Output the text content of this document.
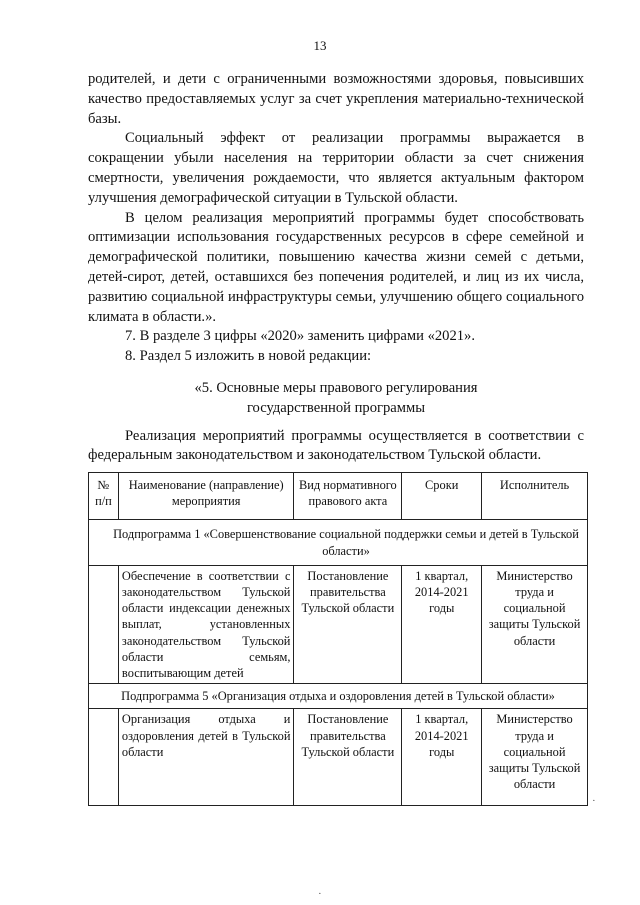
13

родителей, и дети с ограниченными возможностями здоровья, повысивших качество предоставляемых услуг за счет укрепления материально-технической базы.

Социальный эффект от реализации программы выражается в сокращении убыли населения на территории области за счет снижения смертности, увеличения рождаемости, что является актуальным фактором улучшения демографической ситуации в Тульской области.

В целом реализация мероприятий программы будет способствовать оптимизации использования государственных ресурсов в сфере семейной и демографической политики, повышению качества жизни семей с детьми, детей-сирот, детей, оставшихся без попечения родителей, и лиц из их числа, развитию социальной инфраструктуры семьи, улучшению общего социального климата в области.».

7. В разделе 3 цифры «2020» заменить цифрами «2021».

8. Раздел 5 изложить в новой редакции:

«5. Основные меры правового регулирования

государственной программы

Реализация мероприятий программы осуществляется в соответствии с федеральным законодательством и законодательством Тульской области.

№ п/п	Наименование (направление) мероприятия	Вид нормативного правового акта	Сроки	Исполнитель
Подпрограмма 1 «Совершенствование социальной поддержки семьи и детей в Тульской области»				
	Обеспечение в соответствии с законодательством Тульской области индексации денежных выплат, установленных законодательством Тульской области семьям, воспитывающим детей	Постановление правительства Тульской области	1 квартал, 2014-2021 годы	Министерство труда и социальной защиты Тульской области
Подпрограмма 5 «Организация отдыха и оздоровления детей в Тульской области»				
	Организация отдыха и оздоровления детей в Тульской области	Постановление правительства Тульской области	1 квартал, 2014-2021 годы	Министерство труда и социальной защиты Тульской области
·
·
